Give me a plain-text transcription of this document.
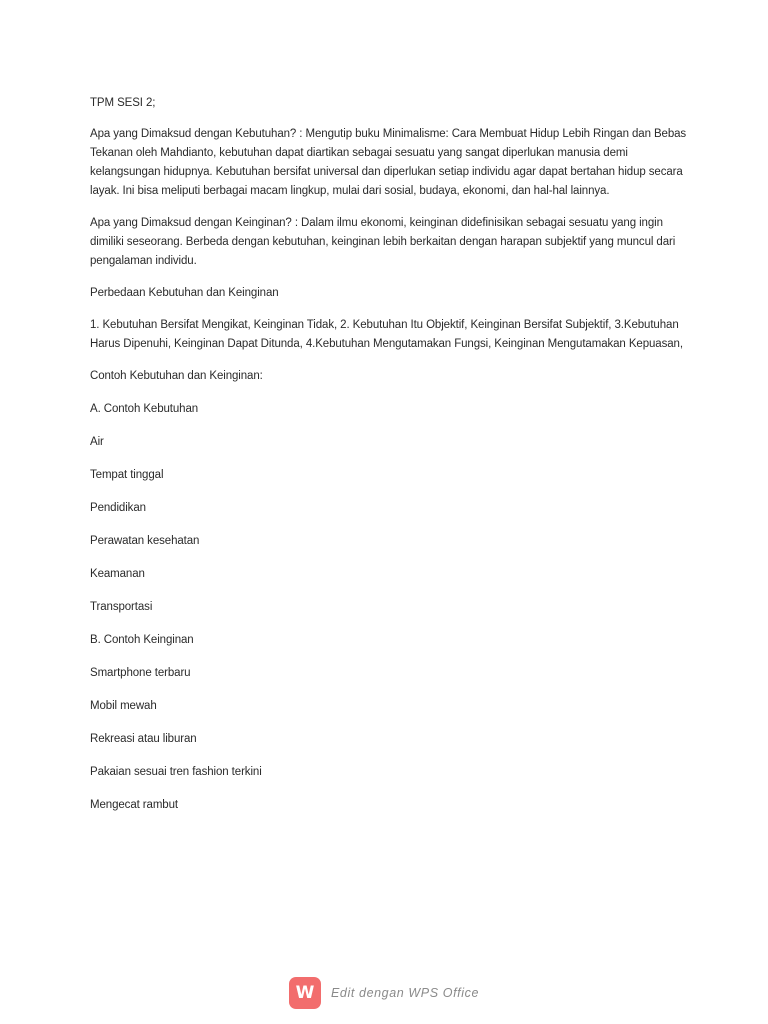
TPM SESI 2;

Apa yang Dimaksud dengan Kebutuhan? : Mengutip buku Minimalisme: Cara Membuat Hidup Lebih Ringan dan Bebas Tekanan oleh Mahdianto, kebutuhan dapat diartikan sebagai sesuatu yang sangat diperlukan manusia demi kelangsungan hidupnya. Kebutuhan bersifat universal dan diperlukan setiap individu agar dapat bertahan hidup secara layak. Ini bisa meliputi berbagai macam lingkup, mulai dari sosial, budaya, ekonomi, dan hal-hal lainnya.

Apa yang Dimaksud dengan Keinginan? : Dalam ilmu ekonomi, keinginan didefinisikan sebagai sesuatu yang ingin dimiliki seseorang. Berbeda dengan kebutuhan, keinginan lebih berkaitan dengan harapan subjektif yang muncul dari pengalaman individu.

Perbedaan Kebutuhan dan Keinginan

1. Kebutuhan Bersifat Mengikat, Keinginan Tidak, 2. Kebutuhan Itu Objektif, Keinginan Bersifat Subjektif, 3.Kebutuhan Harus Dipenuhi, Keinginan Dapat Ditunda, 4.Kebutuhan Mengutamakan Fungsi, Keinginan Mengutamakan Kepuasan,

Contoh Kebutuhan dan Keinginan:

A. Contoh Kebutuhan

Air

Tempat tinggal

Pendidikan

Perawatan kesehatan

Keamanan

Transportasi

B. Contoh Keinginan

Smartphone terbaru

Mobil mewah

Rekreasi atau liburan

Pakaian sesuai tren fashion terkini

Mengecat rambut

W	Edit dengan WPS Office
